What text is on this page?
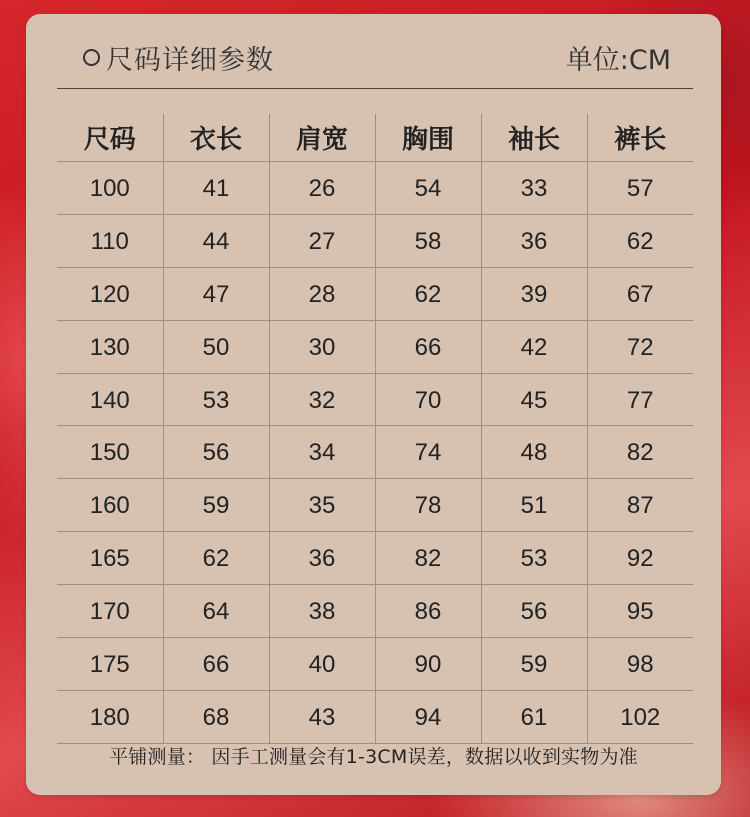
尺码详细参数	单位:CM
尺码	衣长	肩宽	胸围	袖长	裤长
100	41	26	54	33	57
110	44	27	58	36	62
120	47	28	62	39	67
130	50	30	66	42	72
140	53	32	70	45	77
150	56	34	74	48	82
160	59	35	78	51	87
165	62	36	82	53	92
170	64	38	86	56	95
175	66	40	90	59	98
180	68	43	94	61	102
平铺测量： 因手工测量会有1-3CM误差，数据以收到实物为准
